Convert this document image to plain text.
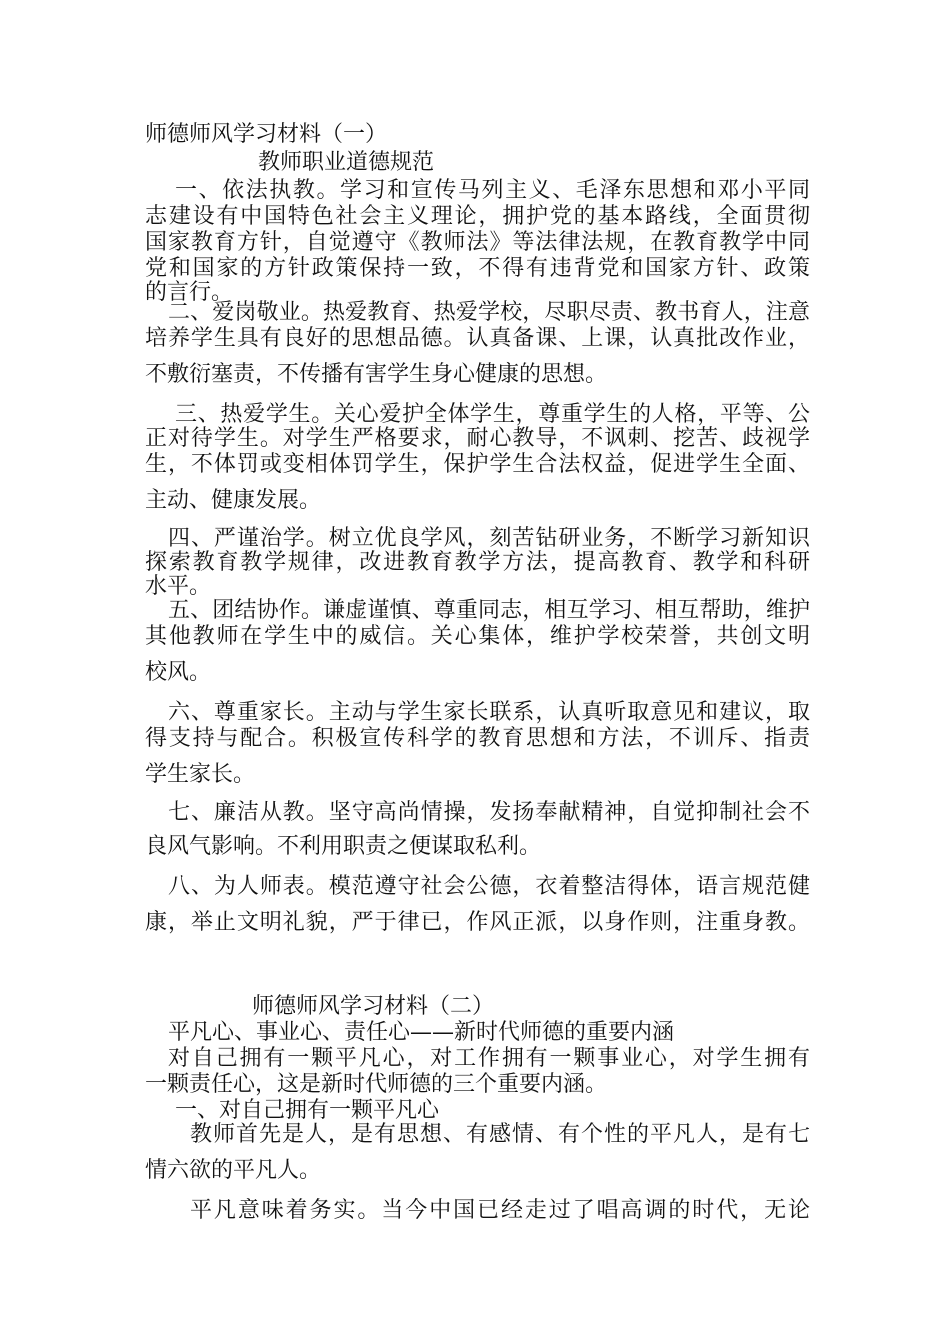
师德师风学习材料（一）
教师职业道德规范
一、依法执教。学习和宣传马列主义、毛泽东思想和邓小平同
志建设有中国特色社会主义理论，拥护党的基本路线，全面贯彻
国家教育方针，自觉遵守《教师法》等法律法规，在教育教学中同
党和国家的方针政策保持一致，不得有违背党和国家方针、政策
的言行。
二、爱岗敬业。热爱教育、热爱学校，尽职尽责、教书育人，注意
培养学生具有良好的思想品德。认真备课、上课，认真批改作业，
不敷衍塞责，不传播有害学生身心健康的思想。
三、热爱学生。关心爱护全体学生，尊重学生的人格，平等、公
正对待学生。对学生严格要求，耐心教导，不讽刺、挖苦、歧视学
生，不体罚或变相体罚学生，保护学生合法权益，促进学生全面、
主动、健康发展。
四、严谨治学。树立优良学风，刻苦钻研业务，不断学习新知识
探索教育教学规律，改进教育教学方法，提高教育、教学和科研
水平。
五、团结协作。谦虚谨慎、尊重同志，相互学习、相互帮助，维护
其他教师在学生中的威信。关心集体，维护学校荣誉，共创文明
校风。
六、尊重家长。主动与学生家长联系，认真听取意见和建议，取
得支持与配合。积极宣传科学的教育思想和方法，不训斥、指责
学生家长。
七、廉洁从教。坚守高尚情操，发扬奉献精神，自觉抑制社会不
良风气影响。不利用职责之便谋取私利。
八、为人师表。模范遵守社会公德，衣着整洁得体，语言规范健
康，举止文明礼貌，严于律已，作风正派，以身作则，注重身教。
师德师风学习材料（二）
平凡心、事业心、责任心——新时代师德的重要内涵
对自己拥有一颗平凡心，对工作拥有一颗事业心，对学生拥有
一颗责任心，这是新时代师德的三个重要内涵。
一、对自己拥有一颗平凡心
教师首先是人，是有思想、有感情、有个性的平凡人，是有七
情六欲的平凡人。
平凡意味着务实。当今中国已经走过了唱高调的时代，无论
